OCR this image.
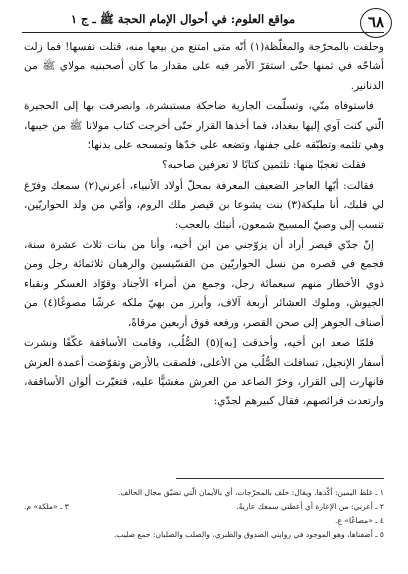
٦٨
مواقع العلوم: في أحوال الإمام الحجة ﷺ ـ ج ١

وحلفت بالمحرّجة والمغلّظة(١) أنّه متى امتنع من بيعها منه، قتلت نفسها! فما زلت أشاحّه في ثمنها حتّى استقرّ الأمر فيه على مقدار ما كان أصحبنيه مولاي ﷺ من الدنانير.

فاستوفاه منّي، وتسلّمت الجارية ضاحكة مستبشرة، وانصرفت بها إلى الحجيرة الّتي كنت آوي إليها ببغداد، فما أخذها القرار حتّى أخرجت كتاب مولانا ﷺ من جيبها، وهي تلثمه وتطبّقه على جفنها، وتضعه على خدّها وتمسحه على بدنها؛

فقلت تعجبًا منها: تلثمين كتابًا لا تعرفين صاحبه؟

فقالت: أيّها العاجز الضعيف المعرفة بمحلّ أولاد الأنبياء، أعرني(٢) سمعك وفرّغ لي قلبك، أنا مليكة(٣) بنت يشوعا بن قيصر ملك الروم، وأمّي من ولد الحواريّين، تنسب إلى وصيّ المسيح شمعون، أنبئك بالعجب:

إنّ جدّي قيصر أراد أن يزوّجني من ابن أخيه، وأنا من بنات ثلاث عشرة سنة، فجمع في قصره من نسل الحواريّين من القسّيسين والرهبان ثلاثمائة رجل ومن ذوي الأخطار منهم سبعمائة رجل، وجمع من أمراء الأجناد وقوّاد العسكر ونقباء الجيوش، وملوك العشائر أربعة آلاف، وأبرز من بهيّ ملكه عرشًا مصوغًا(٤) من أصناف الجوهر إلى صحن القصر، ورفعه فوق أربعين مرقاةً،

فلمّا صعد ابن أخيه، وأحدقت [به](٥) الصُّلُب، وقامت الأساقفة عكّفًا ونشرت أسفار الإنجيل، تسافلت الصُّلُب من الأعلى، فلصقت بالأرض وتقوّضت أعمدة العرش فانهارت إلى القرار، وخرّ الصاعد من العرش مغشيًّا عليه، فتغيّرت ألوان الأساقفة، وارتعدت فرائصهم، فقال كبيرهم لجدّي:

١ ـ غلظ اليمين: أكّدها. ويقال: حلف بالمحرّجات، أي بالأيمان الّتي تضيّق مجال الحالف.
٢ ـ أعرني: من الإعارة أي أعطني سمعك عاريةً.
٣ ـ «ملكة» م.
٤ ـ «مصاغًا» ع.
٥ ـ أضفناها، وهو الموجود في روايتي الصدوق والطبري، والصلب والصلبان: جمع صليب.
